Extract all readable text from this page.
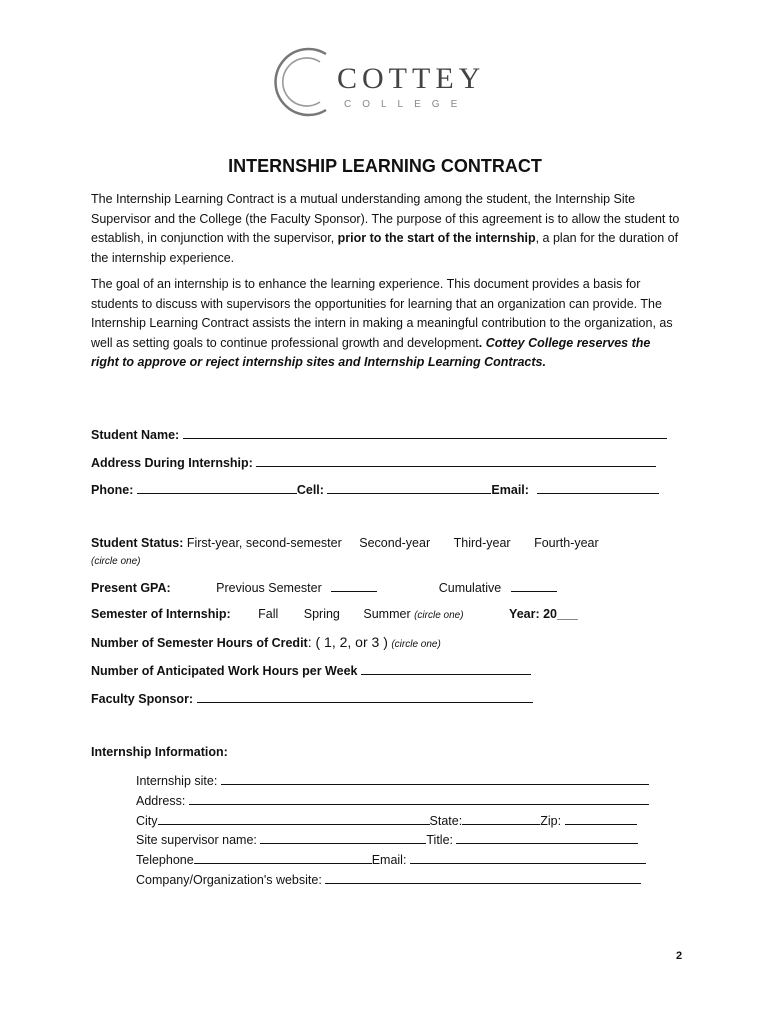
COTTEY
COLLEGE
INTERNSHIP LEARNING CONTRACT

The Internship Learning Contract is a mutual understanding among the student, the Internship Site Supervisor and the College (the Faculty Sponsor). The purpose of this agreement is to allow the student to establish, in conjunction with the supervisor, prior to the start of the internship, a plan for the duration of the internship experience.

The goal of an internship is to enhance the learning experience. This document provides a basis for students to discuss with supervisors the opportunities for learning that an organization can provide. The Internship Learning Contract assists the intern in making a meaningful contribution to the organization, as well as setting goals to continue professional growth and development. Cottey College reserves the right to approve or reject internship sites and Internship Learning Contracts.

Student Name:
Address During Internship:
Phone:	Cell:	Email:
Student Status: First-year, second-semester Second-year Third-year Fourth-year
(circle one)
Present GPA:	Previous Semester	Cumulative
Semester of Internship: Fall Spring Summer (circle one)	Year: 20___
Number of Semester Hours of Credit: ( 1, 2, or 3 ) (circle one)
Number of Anticipated Work Hours per Week
Faculty Sponsor:
Internship Information:
Internship site:
Address:
City	State:	Zip:
Site supervisor name:	Title:
Telephone	Email:
Company/Organization's website:
2
